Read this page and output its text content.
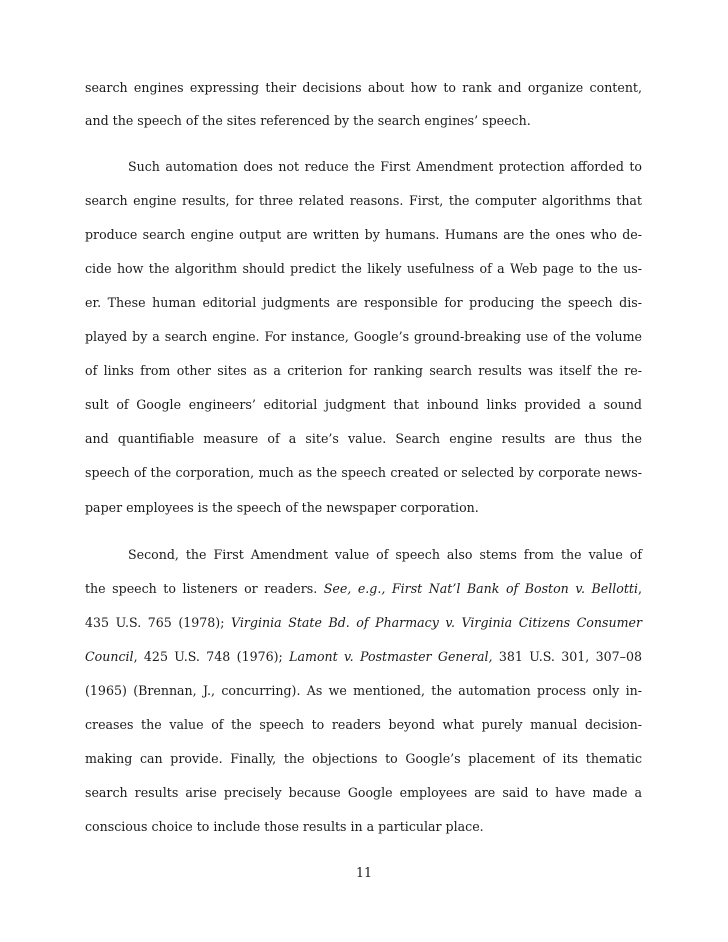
search engines expressing their decisions about how to rank and organize content,
and the speech of the sites referenced by the search engines’ speech.
Such automation does not reduce the First Amendment protection afforded to
search engine results, for three related reasons. First, the computer algorithms that
produce search engine output are written by humans. Humans are the ones who de-
cide how the algorithm should predict the likely usefulness of a Web page to the us-
er. These human editorial judgments are responsible for producing the speech dis-
played by a search engine. For instance, Google’s ground-breaking use of the volume
of links from other sites as a criterion for ranking search results was itself the re-
sult of Google engineers’ editorial judgment that inbound links provided a sound
and quantifiable measure of a site’s value. Search engine results are thus the
speech of the corporation, much as the speech created or selected by corporate news-
paper employees is the speech of the newspaper corporation.
Second, the First Amendment value of speech also stems from the value of
the speech to listeners or readers. See, e.g., First Nat’l Bank of Boston v. Bellotti,
435 U.S. 765 (1978); Virginia State Bd. of Pharmacy v. Virginia Citizens Consumer
Council, 425 U.S. 748 (1976); Lamont v. Postmaster General, 381 U.S. 301, 307–08
(1965) (Brennan, J., concurring). As we mentioned, the automation process only in-
creases the value of the speech to readers beyond what purely manual decision-
making can provide. Finally, the objections to Google’s placement of its thematic
search results arise precisely because Google employees are said to have made a
conscious choice to include those results in a particular place.
11
